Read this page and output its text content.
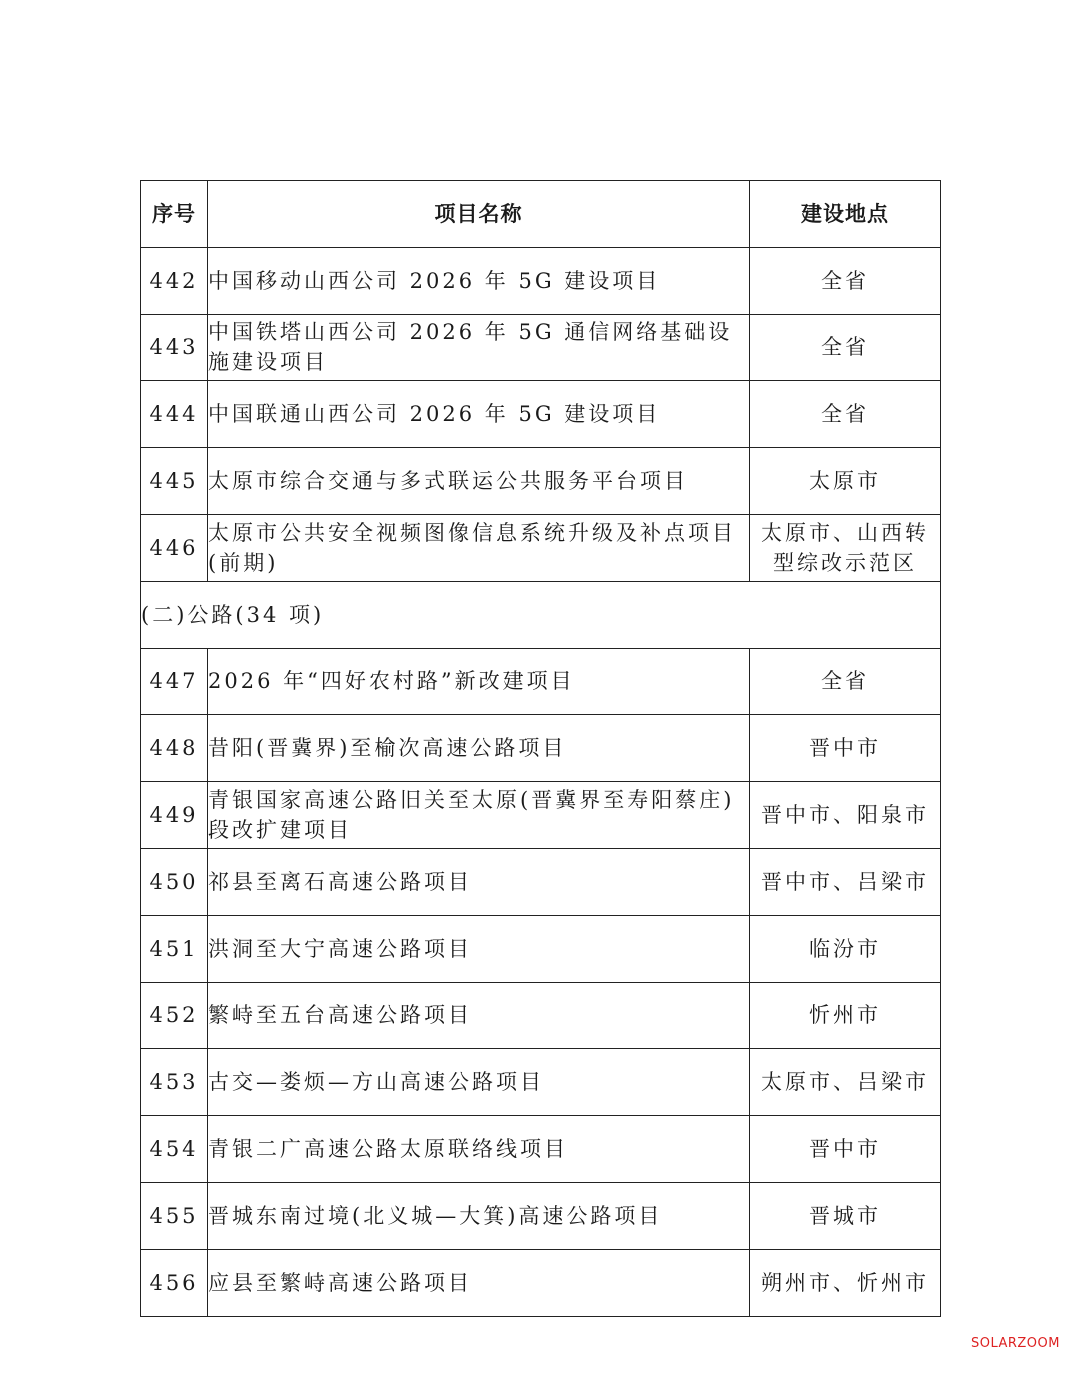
序号	项目名称	建设地点
442	中国移动山西公司 2026 年 5G 建设项目	全省
443	中国铁塔山西公司 2026 年 5G 通信网络基础设施建设项目	全省
444	中国联通山西公司 2026 年 5G 建设项目	全省
445	太原市综合交通与多式联运公共服务平台项目	太原市
446	太原市公共安全视频图像信息系统升级及补点项目(前期)	太原市、山西转型综改示范区
(二)公路(34 项)		
447	2026 年“四好农村路”新改建项目	全省
448	昔阳(晋冀界)至榆次高速公路项目	晋中市
449	青银国家高速公路旧关至太原(晋冀界至寿阳蔡庄)段改扩建项目	晋中市、阳泉市
450	祁县至离石高速公路项目	晋中市、吕梁市
451	洪洞至大宁高速公路项目	临汾市
452	繁峙至五台高速公路项目	忻州市
453	古交—娄烦—方山高速公路项目	太原市、吕梁市
454	青银二广高速公路太原联络线项目	晋中市
455	晋城东南过境(北义城—大箕)高速公路项目	晋城市
456	应县至繁峙高速公路项目	朔州市、忻州市
SOLARZOOM
